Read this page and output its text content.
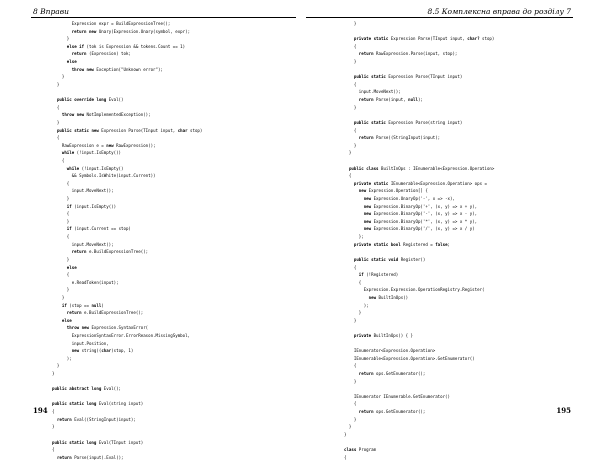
8 Вправи
Expression expr = BuildExpressionTree();
return new Unary(Expression.Unary(symbol, expr);
}
else if (tok is Expression && tokens.Count == 1)
return (Expression) tok;
else
throw new Exception("Unknown error");
}
}
public override long Eval()
{
throw new NotImplementedException();
}
public static new Expression Parse(TInput input, char stop)
{
RawExpression e = new RawExpression();
while (!input.IsEmpty())
{
while (!input.IsEmpty()
&& Symbols.IsWhite(input.Current))
{
input.MoveNext();
}
if (input.IsEmpty())
{
}
if (input.Current == stop)
{
input.MoveNext();
return e.BuildExpressionTree();
}
else
{
e.ReadToken(input);
}
}
if (stop == null)
return e.BuildExpressionTree();
else
throw new Expression.SyntaxError(
ExpressionSyntaxError.ErrorReason.MissingSymbol,
input.Position,
new string((char)stop, 1)
);
}
}
public abstract long Eval();
public static long Eval(string input)
{
return Eval((StringInput)input);
}
public static long Eval(TInput input)
{
return Parse(input).Eval();
194
8.5 Комплексна вправа до розділу 7
}
private static Expression Parse(TInput input, char? stop)
{
return RawExpression.Parse(input, stop);
}
public static Expression Parse(TInput input)
{
input.MoveNext();
return Parse(input, null);
}
public static Expression Parse(string input)
{
return Parse((StringInput)input);
}
}
public class BuiltInOps : IEnumerable<Expression.Operation>
{
private static IEnumerable<Expression.Operation> ops =
new Expression.Operation[] {
new Expression.UnaryOp('-', x => -x),
new Expression.BinaryOp('+', (x, y) => x + y),
new Expression.BinaryOp('-', (x, y) => x - y),
new Expression.BinaryOp('*', (x, y) => x * y),
new Expression.BinaryOp('/', (x, y) => x / y)
};
private static bool Registered = false;
public static void Register()
{
if (!Registered)
{
Expression.Expression.OperationRegistry.Register(
new BuiltInOps()
);
}
}
private BuiltInOps() { }
IEnumerator<Expression.Operation>
IEnumerable<Expression.Operation>.GetEnumerator()
{
return ops.GetEnumerator();
}
IEnumerator IEnumerable.GetEnumerator()
{
return ops.GetEnumerator();
}
}
}
class Program
{
195
